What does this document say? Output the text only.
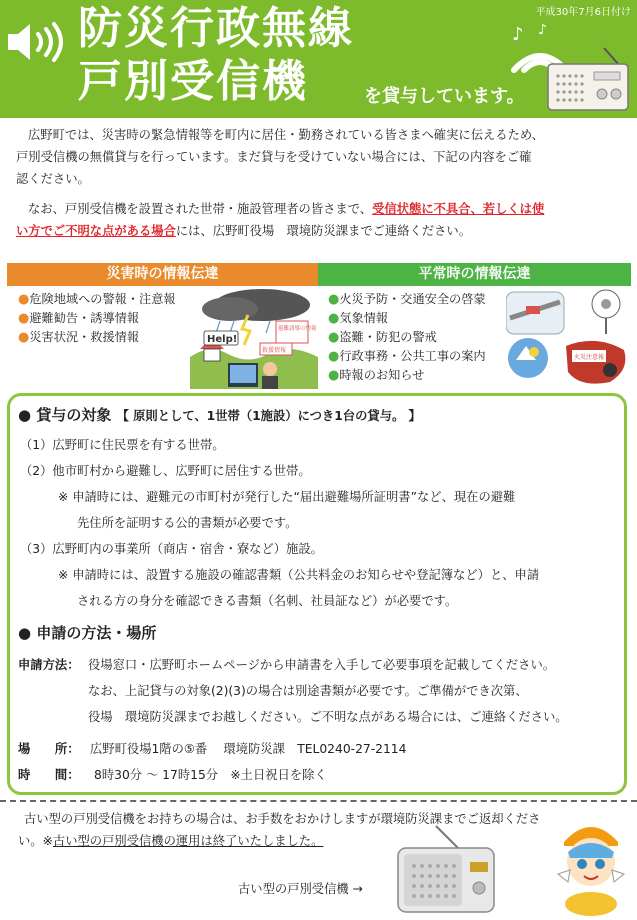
平成30年7月6日付け
防災行政無線
戸別受信機	を貸与しています。
♪ ♪
広野町では、災害時の緊急情報等を町内に居住・勤務されている皆さまへ確実に伝えるため、
戸別受信機の無償貸与を行っています。まだ貸与を受けていない場合には、下記の内容をご確
認ください。
なお、戸別受信機を設置された世帯・施設管理者の皆さまで、受信状態に不具合、若しくは使
い方でご不明な点がある場合には、広野町役場　環境防災課までご連絡ください。
災害時の情報伝達	平常時の情報伝達
●危険地域への警報・注意報
●避難勧告・誘導情報
●災害状況・救援情報	Help!
避難誘導の情報
救援情報
●火災予防・交通安全の啓蒙
●気象情報
●盗難・防犯の警戒
●行政事務・公共工事の案内
●時報のお知らせ
火災注意報
● 貸与の対象 【 原則として、1世帯（1施設）につき1台の貸与。 】
（1）広野町に住民票を有する世帯。
（2）他市町村から避難し、広野町に居住する世帯。
※ 申請時には、避難元の市町村が発行した“届出避難場所証明書”など、現在の避難
先住所を証明する公的書類が必要です。
（3）広野町内の事業所（商店・宿舎・寮など）施設。
※ 申請時には、設置する施設の確認書類（公共料金のお知らせや登記簿など）と、申請
される方の身分を確認できる書類（名刺、社員証など）が必要です。
● 申請の方法・場所
申請方法： 役場窓口・広野町ホームページから申請書を入手して必要事項を記載してください。
なお、上記貸与の対象(2)(3)の場合は別途書類が必要です。ご準備ができ次第、
役場　環境防災課までお越しください。ご不明な点がある場合には、ご連絡ください。
場　　所： 広野町役場1階の⑤番　 環境防災課　TEL0240-27-2114
時　　間： 8時30分 ～ 17時15分　※土日祝日を除く
古い型の戸別受信機をお持ちの場合は、お手数をおかけしますが環境防災課までご返却くださ
い。※古い型の戸別受信機の運用は終了いたしました。
古い型の戸別受信機 →
